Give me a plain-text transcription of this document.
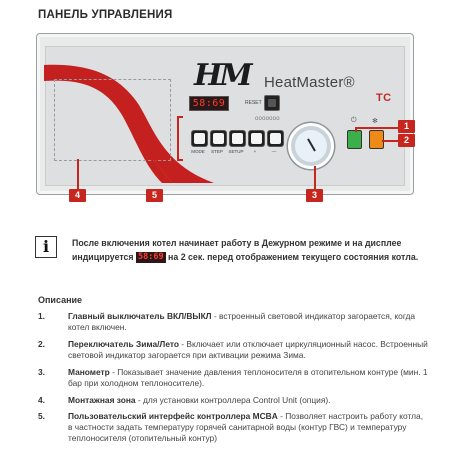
ПАНЕЛЬ УПРАВЛЕНИЯ
HM HeatMaster®
TC
58:69	RESET
ооооооо
MODE	STEP	SETUP	+	—
⏻ ✻	1
2
3
4	5
i	После включения котел начинает работу в Дежурном режиме и на дисплее индицируется 58:69 на 2 сек. перед отображением текущего состояния котла.
Описание
1.	Главный выключатель ВКЛ/ВЫКЛ - встроенный световой индикатор загорается, когда котел включен.
2.	Переключатель Зима/Лето - Включает или отключает циркуляционный насос. Встроенный световой индикатор загорается при активации режима Зима.
3.	Манометр - Показывает значение давления теплоносителя в отопительном контуре (мин. 1 бар при холодном теплоносителе).
4.	Монтажная зона - для установки контроллера Control Unit (опция).
5.	Пользовательский интерфейс контроллера MCBA - Позволяет настроить работу котла, в частности задать температуру горячей санитарной воды (контур ГВС) и температуру теплоносителя (отопительный контур)
